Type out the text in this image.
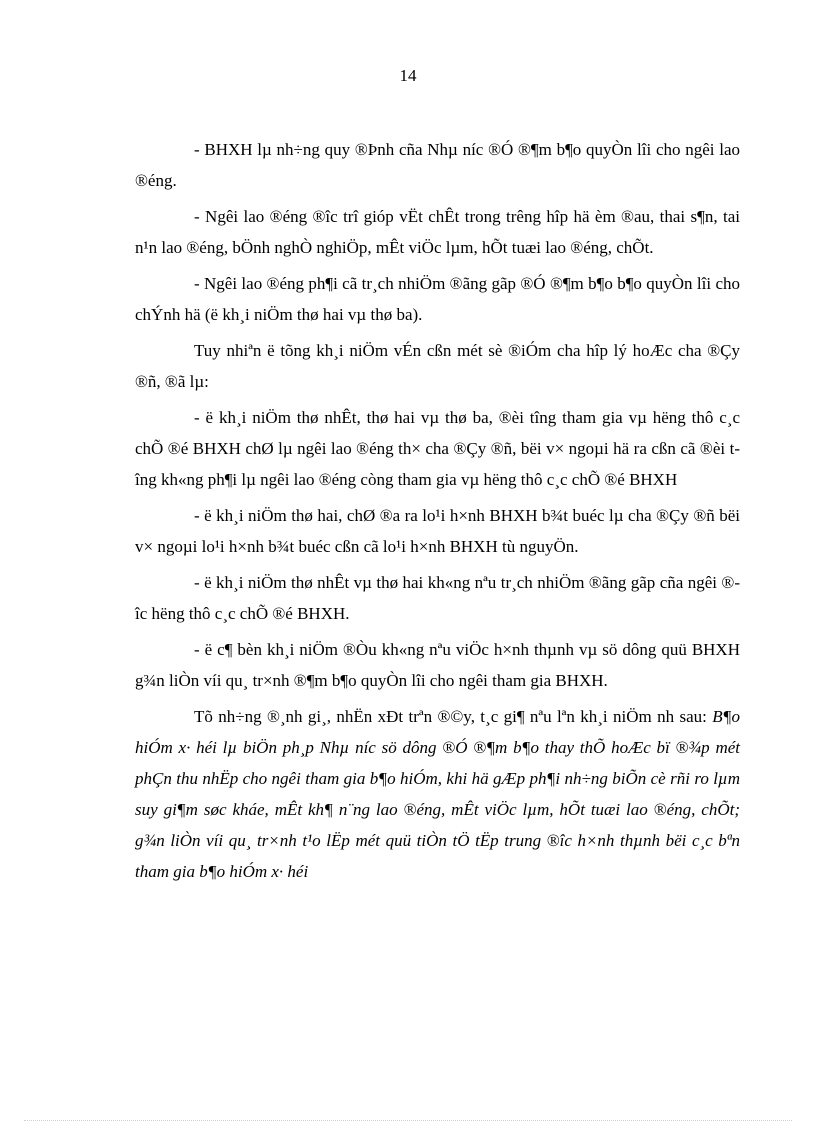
14

- BHXH lµ nh÷ng quy ®Þnh cña Nhµ níc ®Ó ®¶m b¶o quyÒn lîi cho ngêi lao ®éng.

- Ngêi lao ®éng ®îc trî gióp vËt chÊt trong trêng hîp hä èm ®au, thai s¶n, tai n¹n lao ®éng, bÖnh nghÒ nghiÖp, mÊt viÖc lµm, hÕt tuæi lao ®éng, chÕt.

- Ngêi lao ®éng ph¶i cã tr¸ch nhiÖm ®ãng gãp ®Ó ®¶m b¶o b¶o quyÒn lîi cho chÝnh hä (ë kh¸i niÖm thø hai vµ thø ba).

Tuy nhiªn ë tõng kh¸i niÖm vÉn cßn mét sè ®iÓm cha hîp lý hoÆc cha ®Çy ®ñ, ®ã lµ:

- ë kh¸i niÖm thø nhÊt, thø hai vµ thø ba, ®èi tîng tham gia vµ hëng thô c¸c chÕ ®é BHXH chØ lµ ngêi lao ®éng th× cha ®Çy ®ñ, bëi v× ngoµi hä ra cßn cã ®èi tîng kh«ng ph¶i lµ ngêi lao ®éng còng tham gia vµ hëng thô c¸c chÕ ®é BHXH

- ë kh¸i niÖm thø hai, chØ ®a ra lo¹i h×nh BHXH b¾t buéc lµ cha ®Çy ®ñ bëi v× ngoµi lo¹i h×nh b¾t buéc cßn cã lo¹i h×nh BHXH tù nguyÖn.

- ë kh¸i niÖm thø nhÊt vµ thø hai kh«ng nªu tr¸ch nhiÖm ®ãng gãp cña ngêi ®îc hëng thô c¸c chÕ ®é BHXH.

- ë c¶ bèn kh¸i niÖm ®Òu kh«ng nªu viÖc h×nh thµnh vµ sö dông quü BHXH g¾n liÒn víi qu¸ tr×nh ®¶m b¶o quyÒn lîi cho ngêi tham gia BHXH.

Tõ nh÷ng ®¸nh gi¸, nhËn xÐt trªn ®©y, t¸c gi¶ nªu lªn kh¸i niÖm nh sau: B¶o hiÓm x· héi lµ biÖn ph¸p Nhµ níc sö dông ®Ó ®¶m b¶o thay thÕ hoÆc bï ®¾p mét phÇn thu nhËp cho ngêi tham gia b¶o hiÓm, khi hä gÆp ph¶i nh÷ng biÕn cè rñi ro lµm suy gi¶m søc kháe, mÊt kh¶ n¨ng lao ®éng, mÊt viÖc lµm, hÕt tuæi lao ®éng, chÕt; g¾n liÒn víi qu¸ tr×nh t¹o lËp mét quü tiÒn tÖ tËp trung ®îc h×nh thµnh bëi c¸c bªn tham gia b¶o hiÓm x· héi
